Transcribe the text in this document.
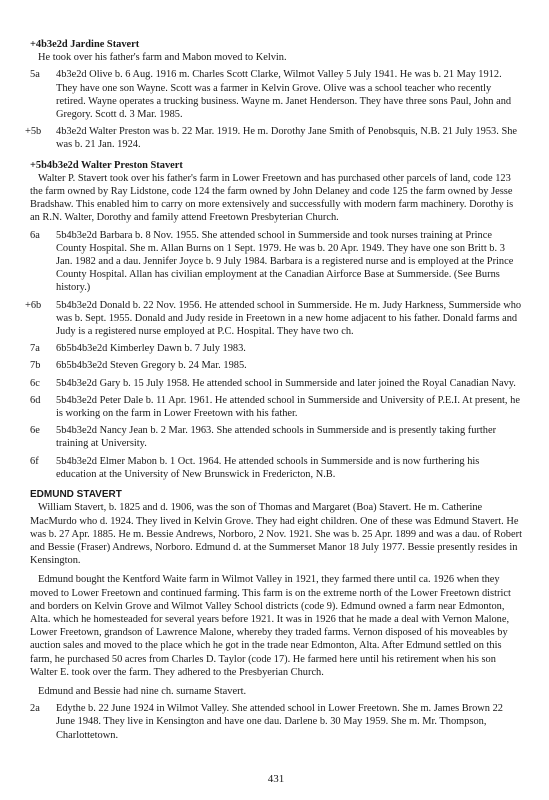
+4b3e2d Jardine Stavert

He took over his father's farm and Mabon moved to Kelvin.

5a	4b3e2d Olive b. 6 Aug. 1916 m. Charles Scott Clarke, Wilmot Valley 5 July 1941. He was b. 21 May 1912. They have one son Wayne. Scott was a farmer in Kelvin Grove. Olive was a school teacher who recently retired. Wayne operates a trucking business. Wayne m. Janet Henderson. They have three sons Paul, John and Gregory. Scott d. 3 Mar. 1985.
+5b	4b3e2d Walter Preston was b. 22 Mar. 1919. He m. Dorothy Jane Smith of Penobsquis, N.B. 21 July 1953. She was b. 21 Jan. 1924.

+5b4b3e2d Walter Preston Stavert

Walter P. Stavert took over his father's farm in Lower Freetown and has purchased other parcels of land, code 123 the farm owned by Ray Lidstone, code 124 the farm owned by John Delaney and code 125 the farm owned by Jesse Bradshaw. This enabled him to carry on more extensively and successfully with modern farm machinery. Dorothy is an R.N. Walter, Dorothy and family attend Freetown Presbyterian Church.

6a	5b4b3e2d Barbara b. 8 Nov. 1955. She attended school in Summerside and took nurses training at Prince County Hospital. She m. Allan Burns on 1 Sept. 1979. He was b. 20 Apr. 1949. They have one son Britt b. 3 Jan. 1982 and a dau. Jennifer Joyce b. 9 July 1984. Barbara is a registered nurse and is employed at the Prince County Hospital. Allan has civilian employment at the Canadian Airforce Base at Summerside. (See Burns history.)
+6b	5b4b3e2d Donald b. 22 Nov. 1956. He attended school in Summerside. He m. Judy Harkness, Summerside who was b. Sept. 1955. Donald and Judy reside in Freetown in a new home adjacent to his father. Donald farms and Judy is a registered nurse employed at P.C. Hospital. They have two ch.
7a	6b5b4b3e2d Kimberley Dawn b. 7 July 1983.
7b	6b5b4b3e2d Steven Gregory b. 24 Mar. 1985.
6c	5b4b3e2d Gary b. 15 July 1958. He attended school in Summerside and later joined the Royal Canadian Navy.
6d	5b4b3e2d Peter Dale b. 11 Apr. 1961. He attended school in Summerside and University of P.E.I. At present, he is working on the farm in Lower Freetown with his father.
6e	5b4b3e2d Nancy Jean b. 2 Mar. 1963. She attended schools in Summerside and is presently taking further training at University.
6f	5b4b3e2d Elmer Mabon b. 1 Oct. 1964. He attended schools in Summerside and is now furthering his education at the University of New Brunswick in Fredericton, N.B.

EDMUND STAVERT

William Stavert, b. 1825 and d. 1906, was the son of Thomas and Margaret (Boa) Stavert. He m. Catherine MacMurdo who d. 1924. They lived in Kelvin Grove. They had eight children. One of these was Edmund Stavert. He was b. 27 Apr. 1885. He m. Bessie Andrews, Norboro, 2 Nov. 1921. She was b. 25 Apr. 1899 and was a dau. of Robert and Bessie (Fraser) Andrews, Norboro. Edmund d. at the Summerset Manor 18 July 1977. Bessie presently resides in Kensington.

Edmund bought the Kentford Waite farm in Wilmot Valley in 1921, they farmed there until ca. 1926 when they moved to Lower Freetown and continued farming. This farm is on the extreme north of the Lower Freetown district and borders on Kelvin Grove and Wilmot Valley School districts (code 9). Edmund owned a farm near Edmonton, Alta. which he homesteaded for several years before 1921. It was in 1926 that he made a deal with Vernon Malone, Lower Freetown, grandson of Lawrence Malone, whereby they traded farms. Vernon disposed of his moveables by auction sales and moved to the place which he got in the trade near Edmonton, Alta. After Edmund settled on this farm, he purchased 50 acres from Charles D. Taylor (code 17). He farmed here until his retirement when his son Walter E. took over the farm. They adhered to the Presbyerian Church.

Edmund and Bessie had nine ch. surname Stavert.

2a	Edythe b. 22 June 1924 in Wilmot Valley. She attended school in Lower Freetown. She m. James Brown 22 June 1948. They live in Kensington and have one dau. Darlene b. 30 May 1959. She m. Mr. Thompson, Charlottetown.
431
